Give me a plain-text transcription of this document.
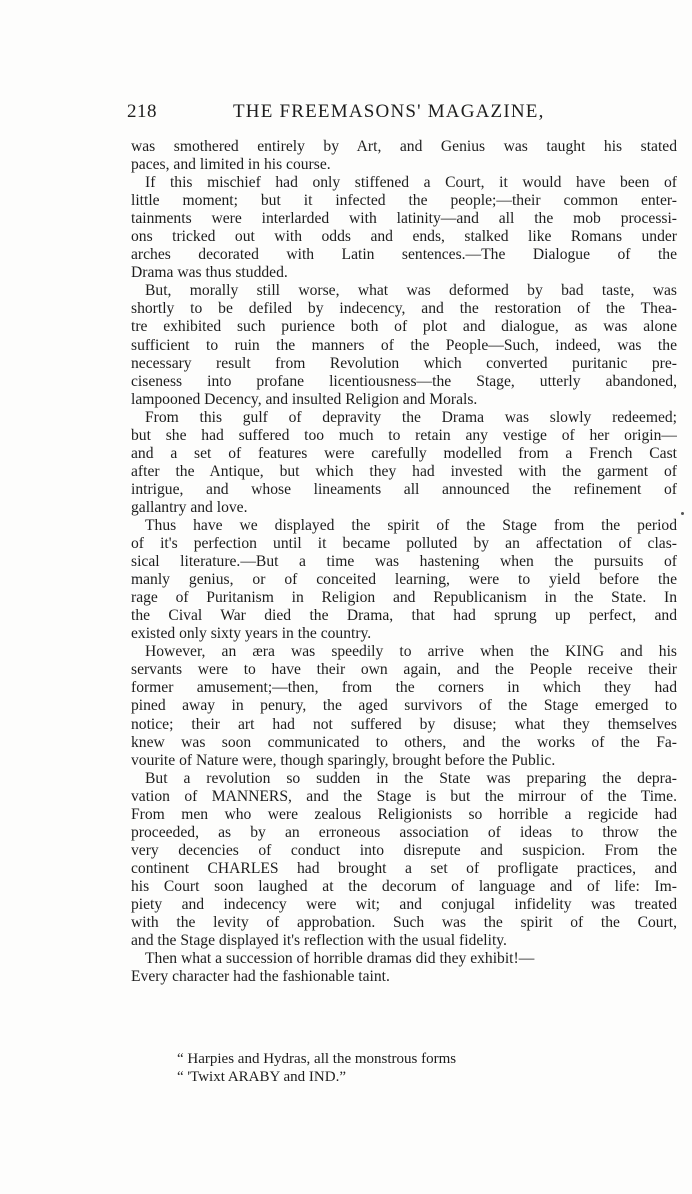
218	THE FREEMASONS' MAGAZINE,
was smothered entirely by Art, and Genius was taught his stated
paces, and limited in his course.
If this mischief had only stiffened a Court, it would have been of
little moment; but it infected the people;—their common enter-
tainments were interlarded with latinity—and all the mob processi-
ons tricked out with odds and ends, stalked like Romans under
arches decorated with Latin sentences.—The Dialogue of the
Drama was thus studded.
But, morally still worse, what was deformed by bad taste, was
shortly to be defiled by indecency, and the restoration of the Thea-
tre exhibited such purience both of plot and dialogue, as was alone
sufficient to ruin the manners of the People—Such, indeed, was the
necessary result from Revolution which converted puritanic pre-
ciseness into profane licentiousness—the Stage, utterly abandoned,
lampooned Decency, and insulted Religion and Morals.
From this gulf of depravity the Drama was slowly redeemed;
but she had suffered too much to retain any vestige of her origin—
and a set of features were carefully modelled from a French Cast
after the Antique, but which they had invested with the garment of
intrigue, and whose lineaments all announced the refinement of
gallantry and love.
Thus have we displayed the spirit of the Stage from the period
of it's perfection until it became polluted by an affectation of clas-
sical literature.—But a time was hastening when the pursuits of
manly genius, or of conceited learning, were to yield before the
rage of Puritanism in Religion and Republicanism in the State. In
the Cival War died the Drama, that had sprung up perfect, and
existed only sixty years in the country.
However, an æra was speedily to arrive when the KING and his
servants were to have their own again, and the People receive their
former amusement;—then, from the corners in which they had
pined away in penury, the aged survivors of the Stage emerged to
notice; their art had not suffered by disuse; what they themselves
knew was soon communicated to others, and the works of the Fa-
vourite of Nature were, though sparingly, brought before the Public.
But a revolution so sudden in the State was preparing the depra-
vation of MANNERS, and the Stage is but the mirrour of the Time.
From men who were zealous Religionists so horrible a regicide had
proceeded, as by an erroneous association of ideas to throw the
very decencies of conduct into disrepute and suspicion. From the
continent CHARLES had brought a set of profligate practices, and
his Court soon laughed at the decorum of language and of life: Im-
piety and indecency were wit; and conjugal infidelity was treated
with the levity of approbation. Such was the spirit of the Court,
and the Stage displayed it's reflection with the usual fidelity.
Then what a succession of horrible dramas did they exhibit!—
Every character had the fashionable taint.
“ Harpies and Hydras, all the monstrous forms
“ 'Twixt ARABY and IND.”
